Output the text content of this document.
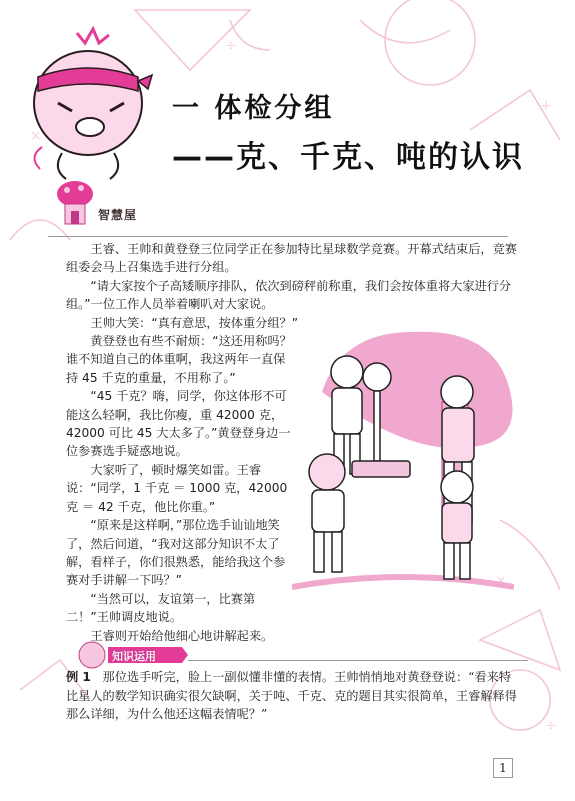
÷
+
×
×
÷
一 体检分组
——克、千克、吨的认识
智慧屋

王睿、王帅和黄登登三位同学正在参加特比星球数学竞赛。开幕式结束后，竞赛组委会马上召集选手进行分组。

“请大家按个子高矮顺序排队，依次到磅秤前称重，我们会按体重将大家进行分组。”一位工作人员举着喇叭对大家说。

王帅大笑：“真有意思，按体重分组？”

黄登登也有些不耐烦：“这还用称吗？谁不知道自己的体重啊，我这两年一直保持 45 千克的重量，不用称了。”

“45 千克？嗨，同学，你这体形不可能这么轻啊，我比你瘦，重 42000 克，42000 可比 45 大太多了。”黄登登身边一位参赛选手疑惑地说。

大家听了，顿时爆笑如雷。王睿说：“同学，1 千克 ＝ 1000 克，42000 克 ＝ 42 千克，他比你重。”

“原来是这样啊，”那位选手讪讪地笑了，然后问道，“我对这部分知识不太了解，看样子，你们很熟悉，能给我这个参赛对手讲解一下吗？”

“当然可以，友谊第一，比赛第二！”王帅调皮地说。

王睿则开始给他细心地讲解起来。

知识运用

例 1 那位选手听完，脸上一副似懂非懂的表情。王帅悄悄地对黄登登说：“看来特比星人的数学知识确实很欠缺啊，关于吨、千克、克的题目其实很简单，王睿解释得那么详细，为什么他还这幅表情呢？”

1
